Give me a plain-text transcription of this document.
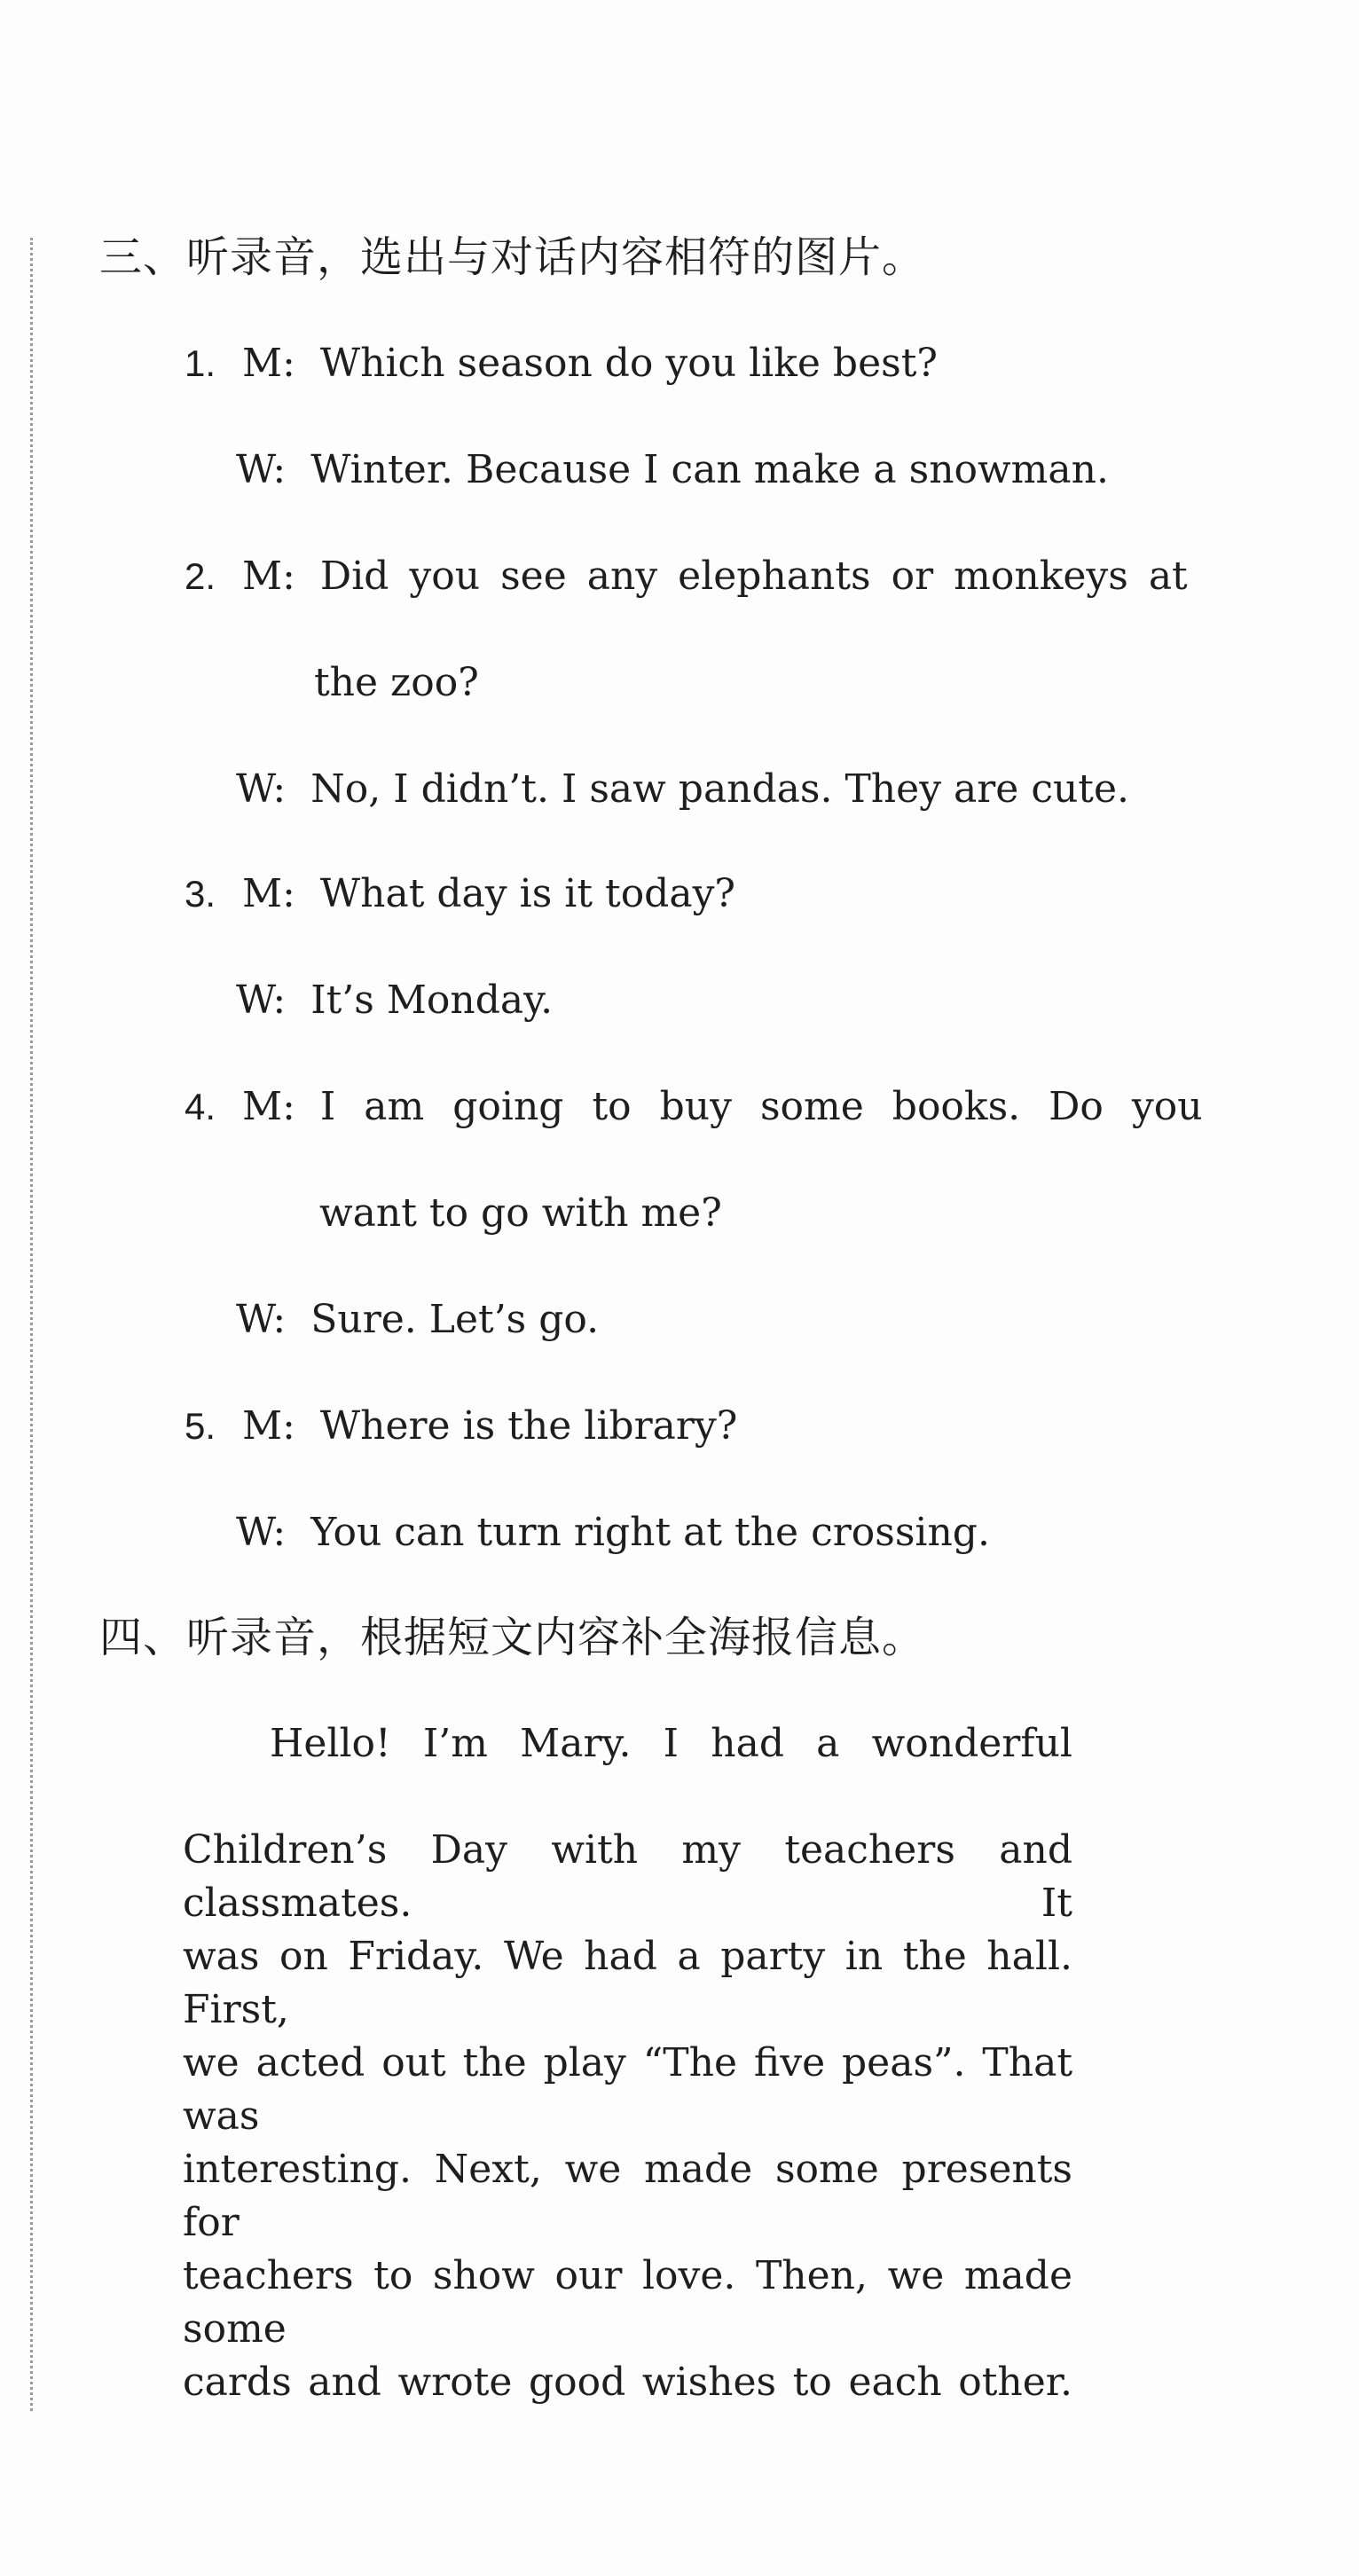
三、听录音，选出与对话内容相符的图片。
1. M: Which season do you like best?
W: Winter. Because I can make a snowman.
2. M: Did you see any elephants or monkeys at
the zoo?
W: No, I didn’t. I saw pandas. They are cute.
3. M: What day is it today?
W: It’s Monday.
4. M: I am going to buy some books. Do you
want to go with me?
W: Sure. Let’s go.
5. M: Where is the library?
W: You can turn right at the crossing.
四、听录音，根据短文内容补全海报信息。
Hello! I’m Mary. I had a wonderful
Children’s Day with my teachers and classmates. It
was on Friday. We had a party in the hall. First,
we acted out the play “The five peas”. That was
interesting. Next, we made some presents for
teachers to show our love. Then, we made some
cards and wrote good wishes to each other.
